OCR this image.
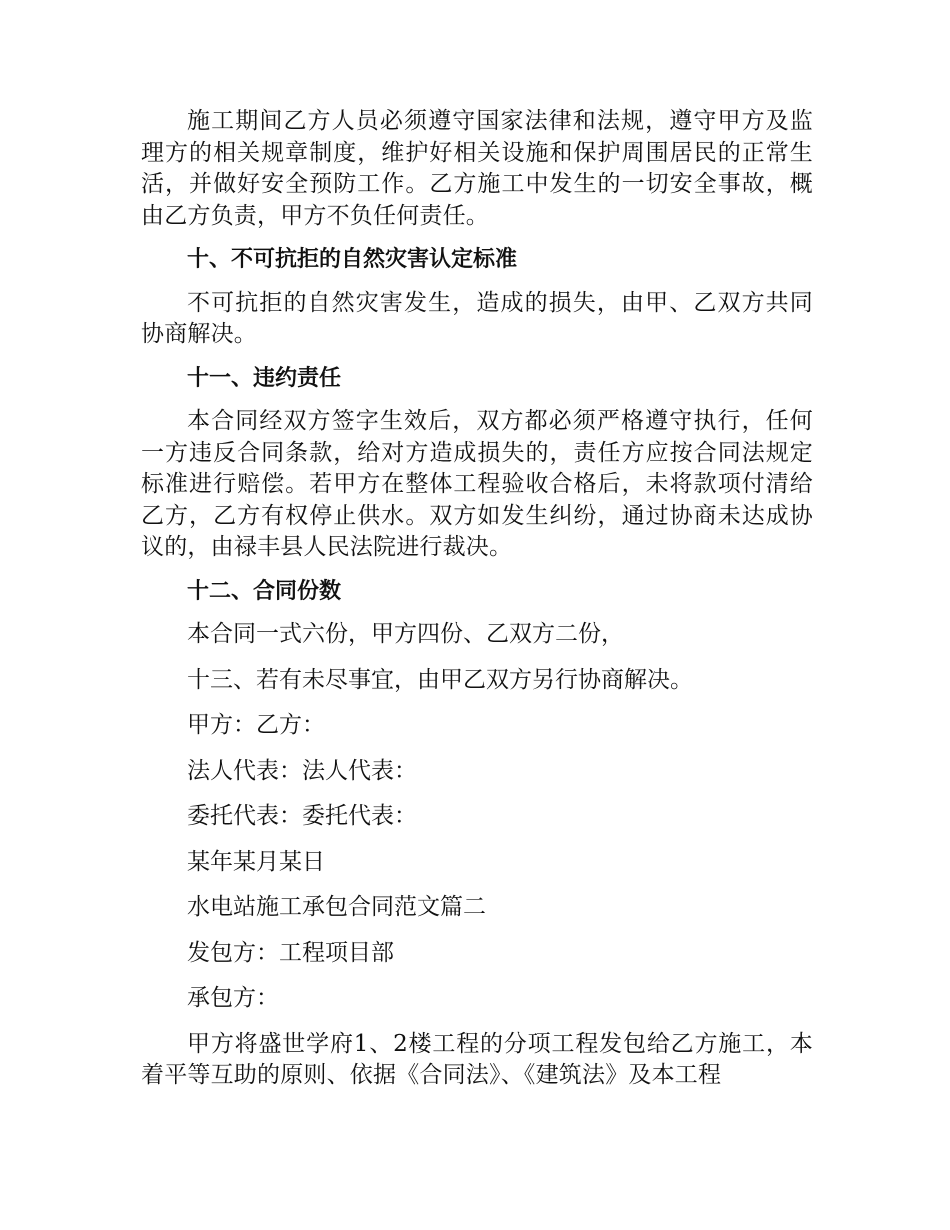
施工期间乙方人员必须遵守国家法律和法规，遵守甲方及监理方的相关规章制度，维护好相关设施和保护周围居民的正常生活，并做好安全预防工作。乙方施工中发生的一切安全事故，概由乙方负责，甲方不负任何责任。

十、不可抗拒的自然灾害认定标准

不可抗拒的自然灾害发生，造成的损失，由甲、乙双方共同协商解决。

十一、违约责任

本合同经双方签字生效后，双方都必须严格遵守执行，任何一方违反合同条款，给对方造成损失的，责任方应按合同法规定标准进行赔偿。若甲方在整体工程验收合格后，未将款项付清给乙方，乙方有权停止供水。双方如发生纠纷，通过协商未达成协议的，由禄丰县人民法院进行裁决。

十二、合同份数

本合同一式六份，甲方四份、乙双方二份，

十三、若有未尽事宜，由甲乙双方另行协商解决。

甲方：乙方：

法人代表：法人代表：

委托代表：委托代表：

某年某月某日

水电站施工承包合同范文篇二

发包方：工程项目部

承包方：

甲方将盛世学府1、2楼工程的分项工程发包给乙方施工，本着平等互助的原则、依据《合同法》、《建筑法》及本工程
